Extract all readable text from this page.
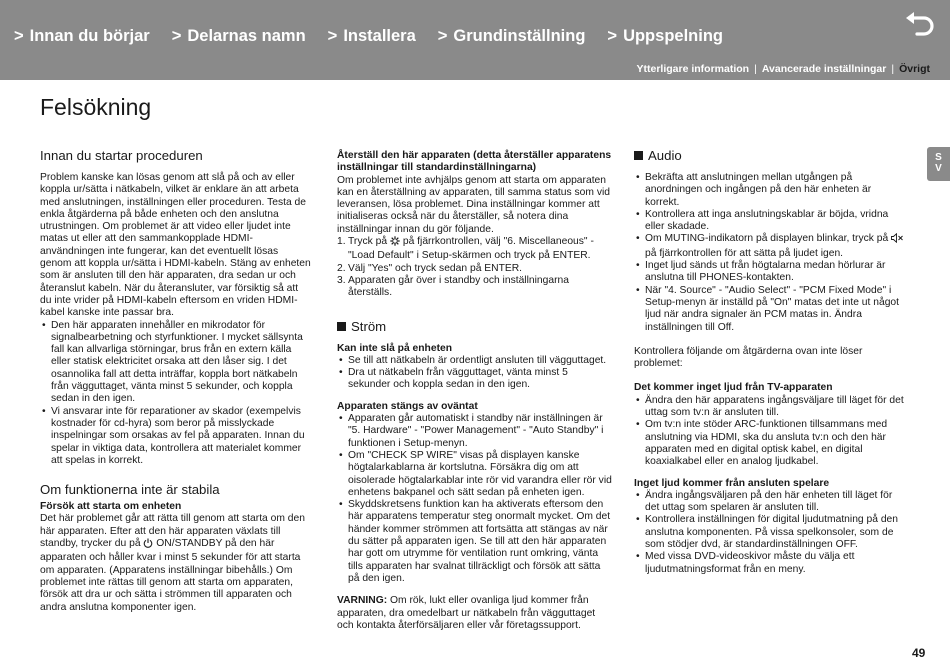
> Innan du börjar > Delarnas namn > Installera > Grundinställning > Uppspelning
Ytterligare information | Avancerade inställningar | Övrigt
Felsökning
S
V
Innan du startar proceduren

Problem kanske kan lösas genom att slå på och av eller koppla ur/sätta i nätkabeln, vilket är enklare än att arbeta med anslutningen, inställningen eller proceduren. Testa de enkla åtgärderna på både enheten och den anslutna utrustningen. Om problemet är att video eller ljudet inte matas ut eller att den sammankopplade HDMI-användningen inte fungerar, kan det eventuellt lösas genom att koppla ur/sätta i HDMI-kabeln. Stäng av enheten som är ansluten till den här apparaten, dra sedan ur och återanslut kabeln. När du återansluter, var försiktig så att du inte vrider på HDMI-kabeln eftersom en vriden HDMI-kabel kanske inte passar bra.

• Den här apparaten innehåller en mikrodator för signalbearbetning och styrfunktioner. I mycket sällsynta fall kan allvarliga störningar, brus från en extern källa eller statisk elektricitet orsaka att den låser sig. I det osannolika fall att detta inträffar, koppla bort nätkabeln från vägguttaget, vänta minst 5 sekunder, och koppla sedan in den igen.
• Vi ansvarar inte för reparationer av skador (exempelvis kostnader för cd-hyra) som beror på misslyckade inspelningar som orsakas av fel på apparaten. Innan du spelar in viktiga data, kontrollera att materialet kommer att spelas in korrekt.
Om funktionerna inte är stabila
Försök att starta om enheten

Det här problemet går att rätta till genom att starta om den här apparaten. Efter att den här apparaten växlats till standby, trycker du på ON/STANDBY på den här apparaten och håller kvar i minst 5 sekunder för att starta om apparaten. (Apparatens inställningar bibehålls.) Om problemet inte rättas till genom att starta om apparaten, försök att dra ur och sätta i strömmen till apparaten och andra anslutna komponenter igen.

Återställ den här apparaten (detta återställer apparatens inställningar till standardinställningarna)

Om problemet inte avhjälps genom att starta om apparaten kan en återställning av apparaten, till samma status som vid leveransen, lösa problemet. Dina inställningar kommer att initialiseras också när du återställer, så notera dina inställningar innan du gör följande.

1. Tryck på på fjärrkontrollen, välj "6. Miscellaneous" - "Load Default" i Setup-skärmen och tryck på ENTER.
2. Välj "Yes" och tryck sedan på ENTER.
3. Apparaten går över i standby och inställningarna återställs.
Ström
Kan inte slå på enheten
• Se till att nätkabeln är ordentligt ansluten till vägguttaget.
• Dra ut nätkabeln från vägguttaget, vänta minst 5 sekunder och koppla sedan in den igen.
Apparaten stängs av oväntat
• Apparaten går automatiskt i standby när inställningen är "5. Hardware" - "Power Management" - "Auto Standby" i funktionen i Setup-menyn.
• Om "CHECK SP WIRE" visas på displayen kanske högtalarkablarna är kortslutna. Försäkra dig om att oisolerade högtalarkablar inte rör vid varandra eller rör vid enhetens bakpanel och sätt sedan på enheten igen.
• Skyddskretsens funktion kan ha aktiverats eftersom den här apparatens temperatur steg onormalt mycket. Om det händer kommer strömmen att fortsätta att stängas av när du sätter på apparaten igen. Se till att den här apparaten har gott om utrymme för ventilation runt omkring, vänta tills apparaten har svalnat tillräckligt och försök att sätta på den igen.

VARNING: Om rök, lukt eller ovanliga ljud kommer från apparaten, dra omedelbart ur nätkabeln från vägguttaget och kontakta återförsäljaren eller vår företagssupport.

Audio
• Bekräfta att anslutningen mellan utgången på anordningen och ingången på den här enheten är korrekt.
• Kontrollera att inga anslutningskablar är böjda, vridna eller skadade.
• Om MUTING-indikatorn på displayen blinkar, tryck på
på fjärrkontrollen för att sätta på ljudet igen.
• Inget ljud sänds ut från högtalarna medan hörlurar är anslutna till PHONES-kontakten.
• När "4. Source" - "Audio Select" - "PCM Fixed Mode" i Setup-menyn är inställd på "On" matas det inte ut något ljud när andra signaler än PCM matas in. Ändra inställningen till Off.

Kontrollera följande om åtgärderna ovan inte löser problemet:

Det kommer inget ljud från TV-apparaten
• Ändra den här apparatens ingångsväljare till läget för det uttag som tv:n är ansluten till.
• Om tv:n inte stöder ARC-funktionen tillsammans med anslutning via HDMI, ska du ansluta tv:n och den här apparaten med en digital optisk kabel, en digital koaxialkabel eller en analog ljudkabel.
Inget ljud kommer från ansluten spelare
• Ändra ingångsväljaren på den här enheten till läget för det uttag som spelaren är ansluten till.
• Kontrollera inställningen för digital ljudutmatning på den anslutna komponenten. På vissa spelkonsoler, som de som stödjer dvd, är standardinställningen OFF.
• Med vissa DVD-videoskivor måste du välja ett ljudutmatningsformat från en meny.
49
